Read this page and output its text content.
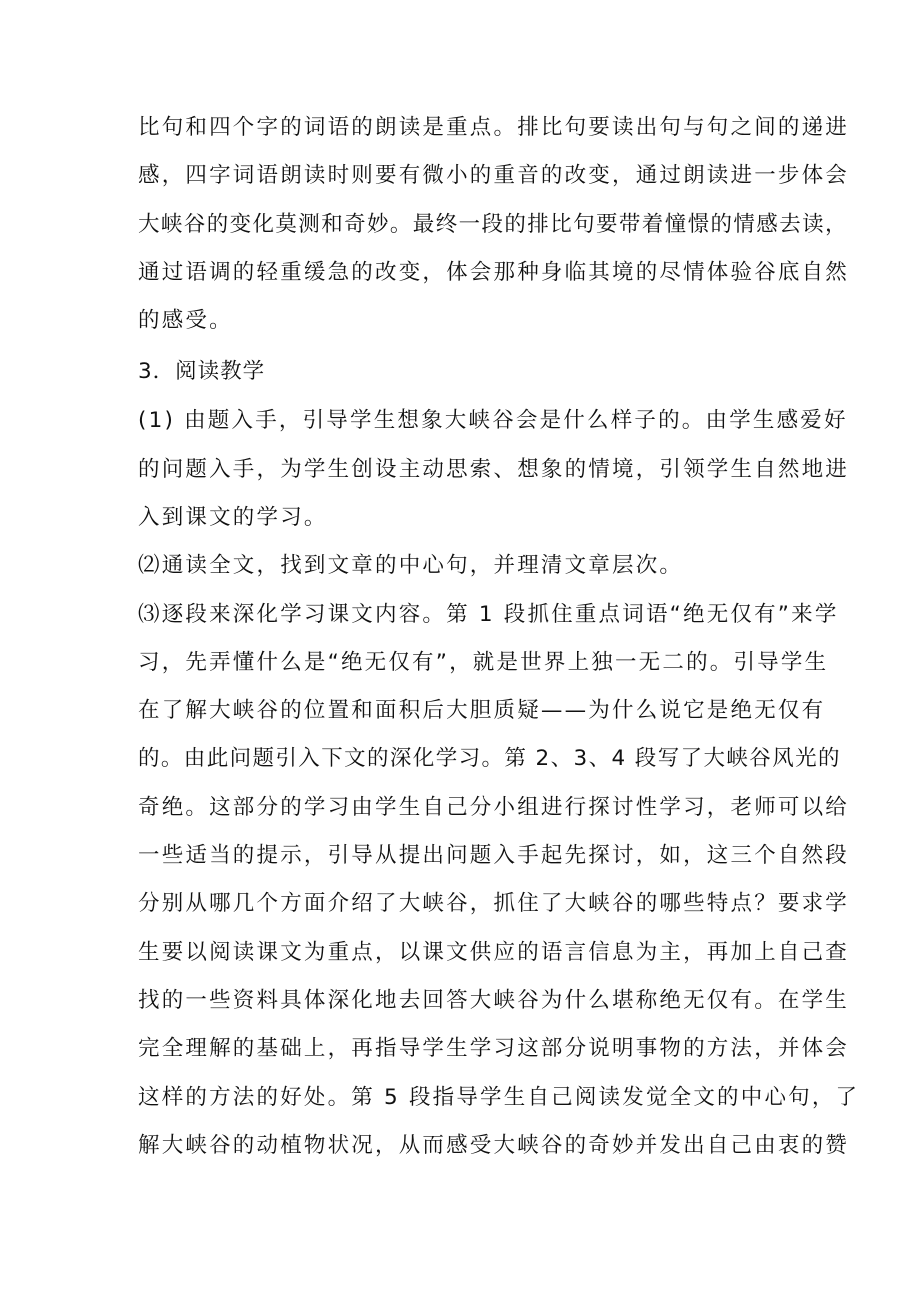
比句和四个字的词语的朗读是重点。排比句要读出句与句之间的递进
感，四字词语朗读时则要有微小的重音的改变，通过朗读进一步体会
大峡谷的变化莫测和奇妙。最终一段的排比句要带着憧憬的情感去读，
通过语调的轻重缓急的改变，体会那种身临其境的尽情体验谷底自然
的感受。
3．阅读教学
(1) 由题入手，引导学生想象大峡谷会是什么样子的。由学生感爱好
的问题入手，为学生创设主动思索、想象的情境，引领学生自然地进
入到课文的学习。
⑵通读全文，找到文章的中心句，并理清文章层次。
⑶逐段来深化学习课文内容。第 1 段抓住重点词语“绝无仅有”来学
习，先弄懂什么是“绝无仅有”，就是世界上独一无二的。引导学生
在了解大峡谷的位置和面积后大胆质疑——为什么说它是绝无仅有
的。由此问题引入下文的深化学习。第 2、3、4 段写了大峡谷风光的
奇绝。这部分的学习由学生自己分小组进行探讨性学习，老师可以给
一些适当的提示，引导从提出问题入手起先探讨，如，这三个自然段
分别从哪几个方面介绍了大峡谷，抓住了大峡谷的哪些特点？要求学
生要以阅读课文为重点，以课文供应的语言信息为主，再加上自己查
找的一些资料具体深化地去回答大峡谷为什么堪称绝无仅有。在学生
完全理解的基础上，再指导学生学习这部分说明事物的方法，并体会
这样的方法的好处。第 5 段指导学生自己阅读发觉全文的中心句，了
解大峡谷的动植物状况，从而感受大峡谷的奇妙并发出自己由衷的赞
